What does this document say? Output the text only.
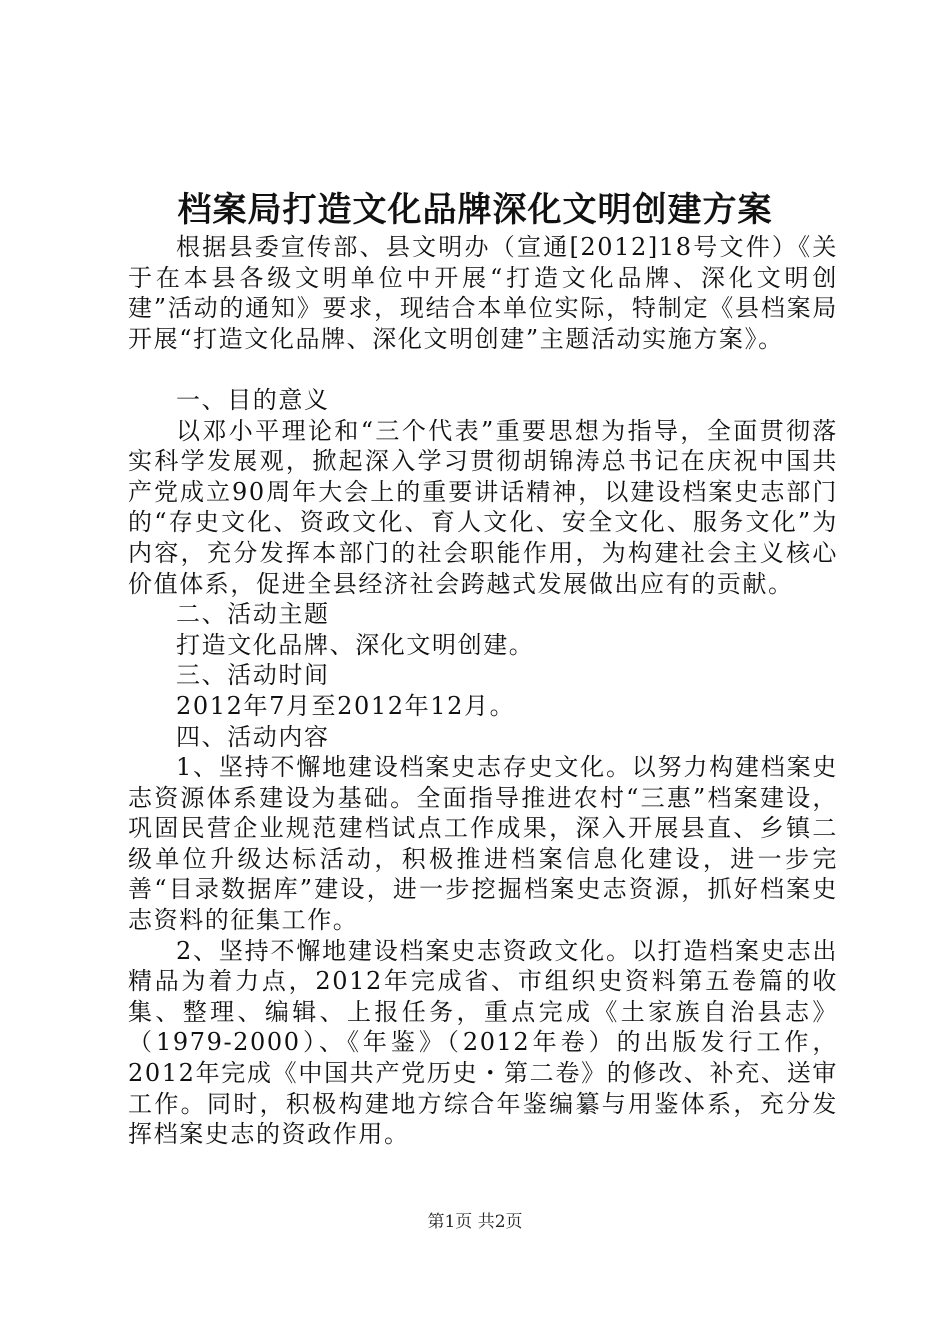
档案局打造文化品牌深化文明创建方案

根据县委宣传部、县文明办（宣通[2012]18号文件）《关于在本县各级文明单位中开展“打造文化品牌、深化文明创建”活动的通知》要求，现结合本单位实际，特制定《县档案局开展“打造文化品牌、深化文明创建”主题活动实施方案》。

一、目的意义

以邓小平理论和“三个代表”重要思想为指导，全面贯彻落实科学发展观，掀起深入学习贯彻胡锦涛总书记在庆祝中国共产党成立90周年大会上的重要讲话精神，以建设档案史志部门的“存史文化、资政文化、育人文化、安全文化、服务文化”为内容，充分发挥本部门的社会职能作用，为构建社会主义核心价值体系，促进全县经济社会跨越式发展做出应有的贡献。

二、活动主题

打造文化品牌、深化文明创建。

三、活动时间

2012年7月至2012年12月。

四、活动内容

1、坚持不懈地建设档案史志存史文化。以努力构建档案史志资源体系建设为基础。全面指导推进农村“三惠”档案建设，巩固民营企业规范建档试点工作成果，深入开展县直、乡镇二级单位升级达标活动，积极推进档案信息化建设，进一步完善“目录数据库”建设，进一步挖掘档案史志资源，抓好档案史志资料的征集工作。

2、坚持不懈地建设档案史志资政文化。以打造档案史志出精品为着力点，2012年完成省、市组织史资料第五卷篇的收集、整理、编辑、上报任务，重点完成《土家族自治县志》（1979-2000）、《年鉴》（2012年卷）的出版发行工作，2012年完成《中国共产党历史・第二卷》的修改、补充、送审工作。同时，积极构建地方综合年鉴编纂与用鉴体系，充分发挥档案史志的资政作用。

第1页 共2页
